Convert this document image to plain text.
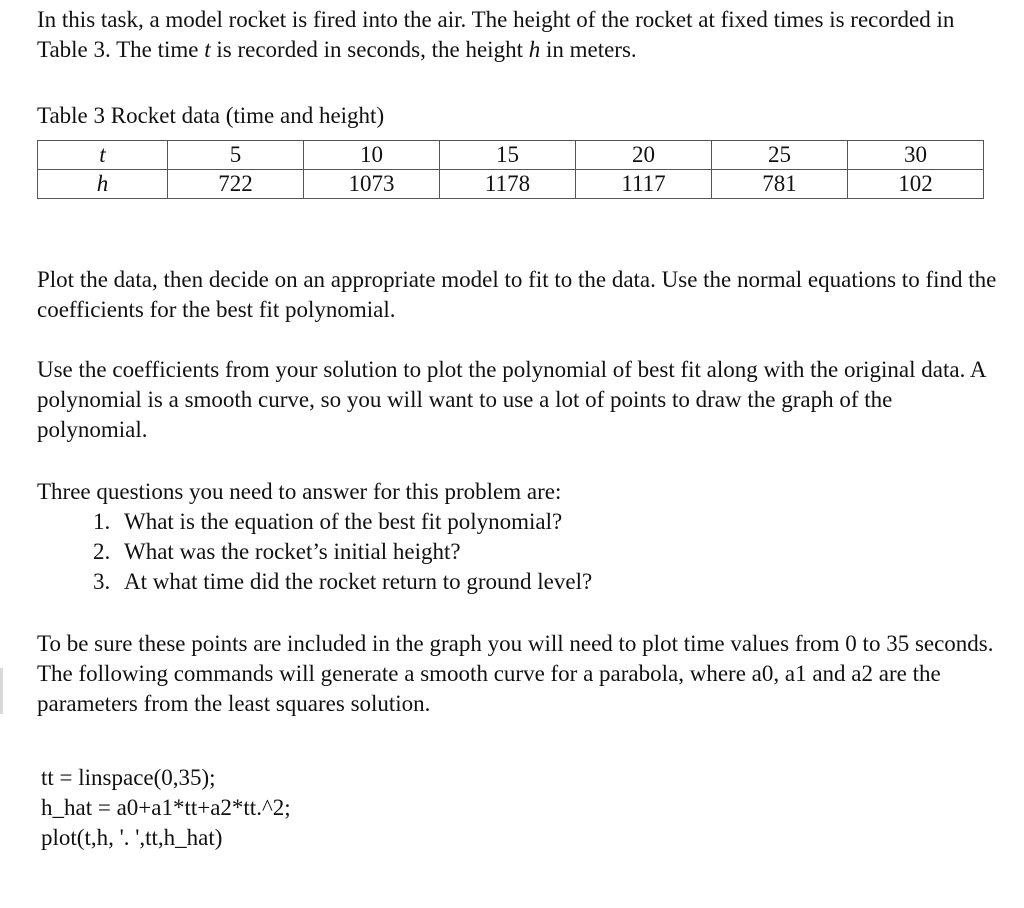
In this task, a model rocket is fired into the air. The height of the rocket at fixed times is recorded in Table 3. The time t is recorded in seconds, the height h in meters.

Table 3 Rocket data (time and height)

t	5	10	15	20	25	30
h	722	1073	1178	1117	781	102

Plot the data, then decide on an appropriate model to fit to the data. Use the normal equations to find the coefficients for the best fit polynomial.

Use the coefficients from your solution to plot the polynomial of best fit along with the original data. A polynomial is a smooth curve, so you will want to use a lot of points to draw the graph of the polynomial.

Three questions you need to answer for this problem are:

1. What is the equation of the best fit polynomial?
2. What was the rocket’s initial height?
3. At what time did the rocket return to ground level?

To be sure these points are included in the graph you will need to plot time values from 0 to 35 seconds. The following commands will generate a smooth curve for a parabola, where a0, a1 and a2 are the parameters from the least squares solution.

tt = linspace(0,35);
h_hat = a0+a1*tt+a2*tt.^2;
plot(t,h, '. ',tt,h_hat)
